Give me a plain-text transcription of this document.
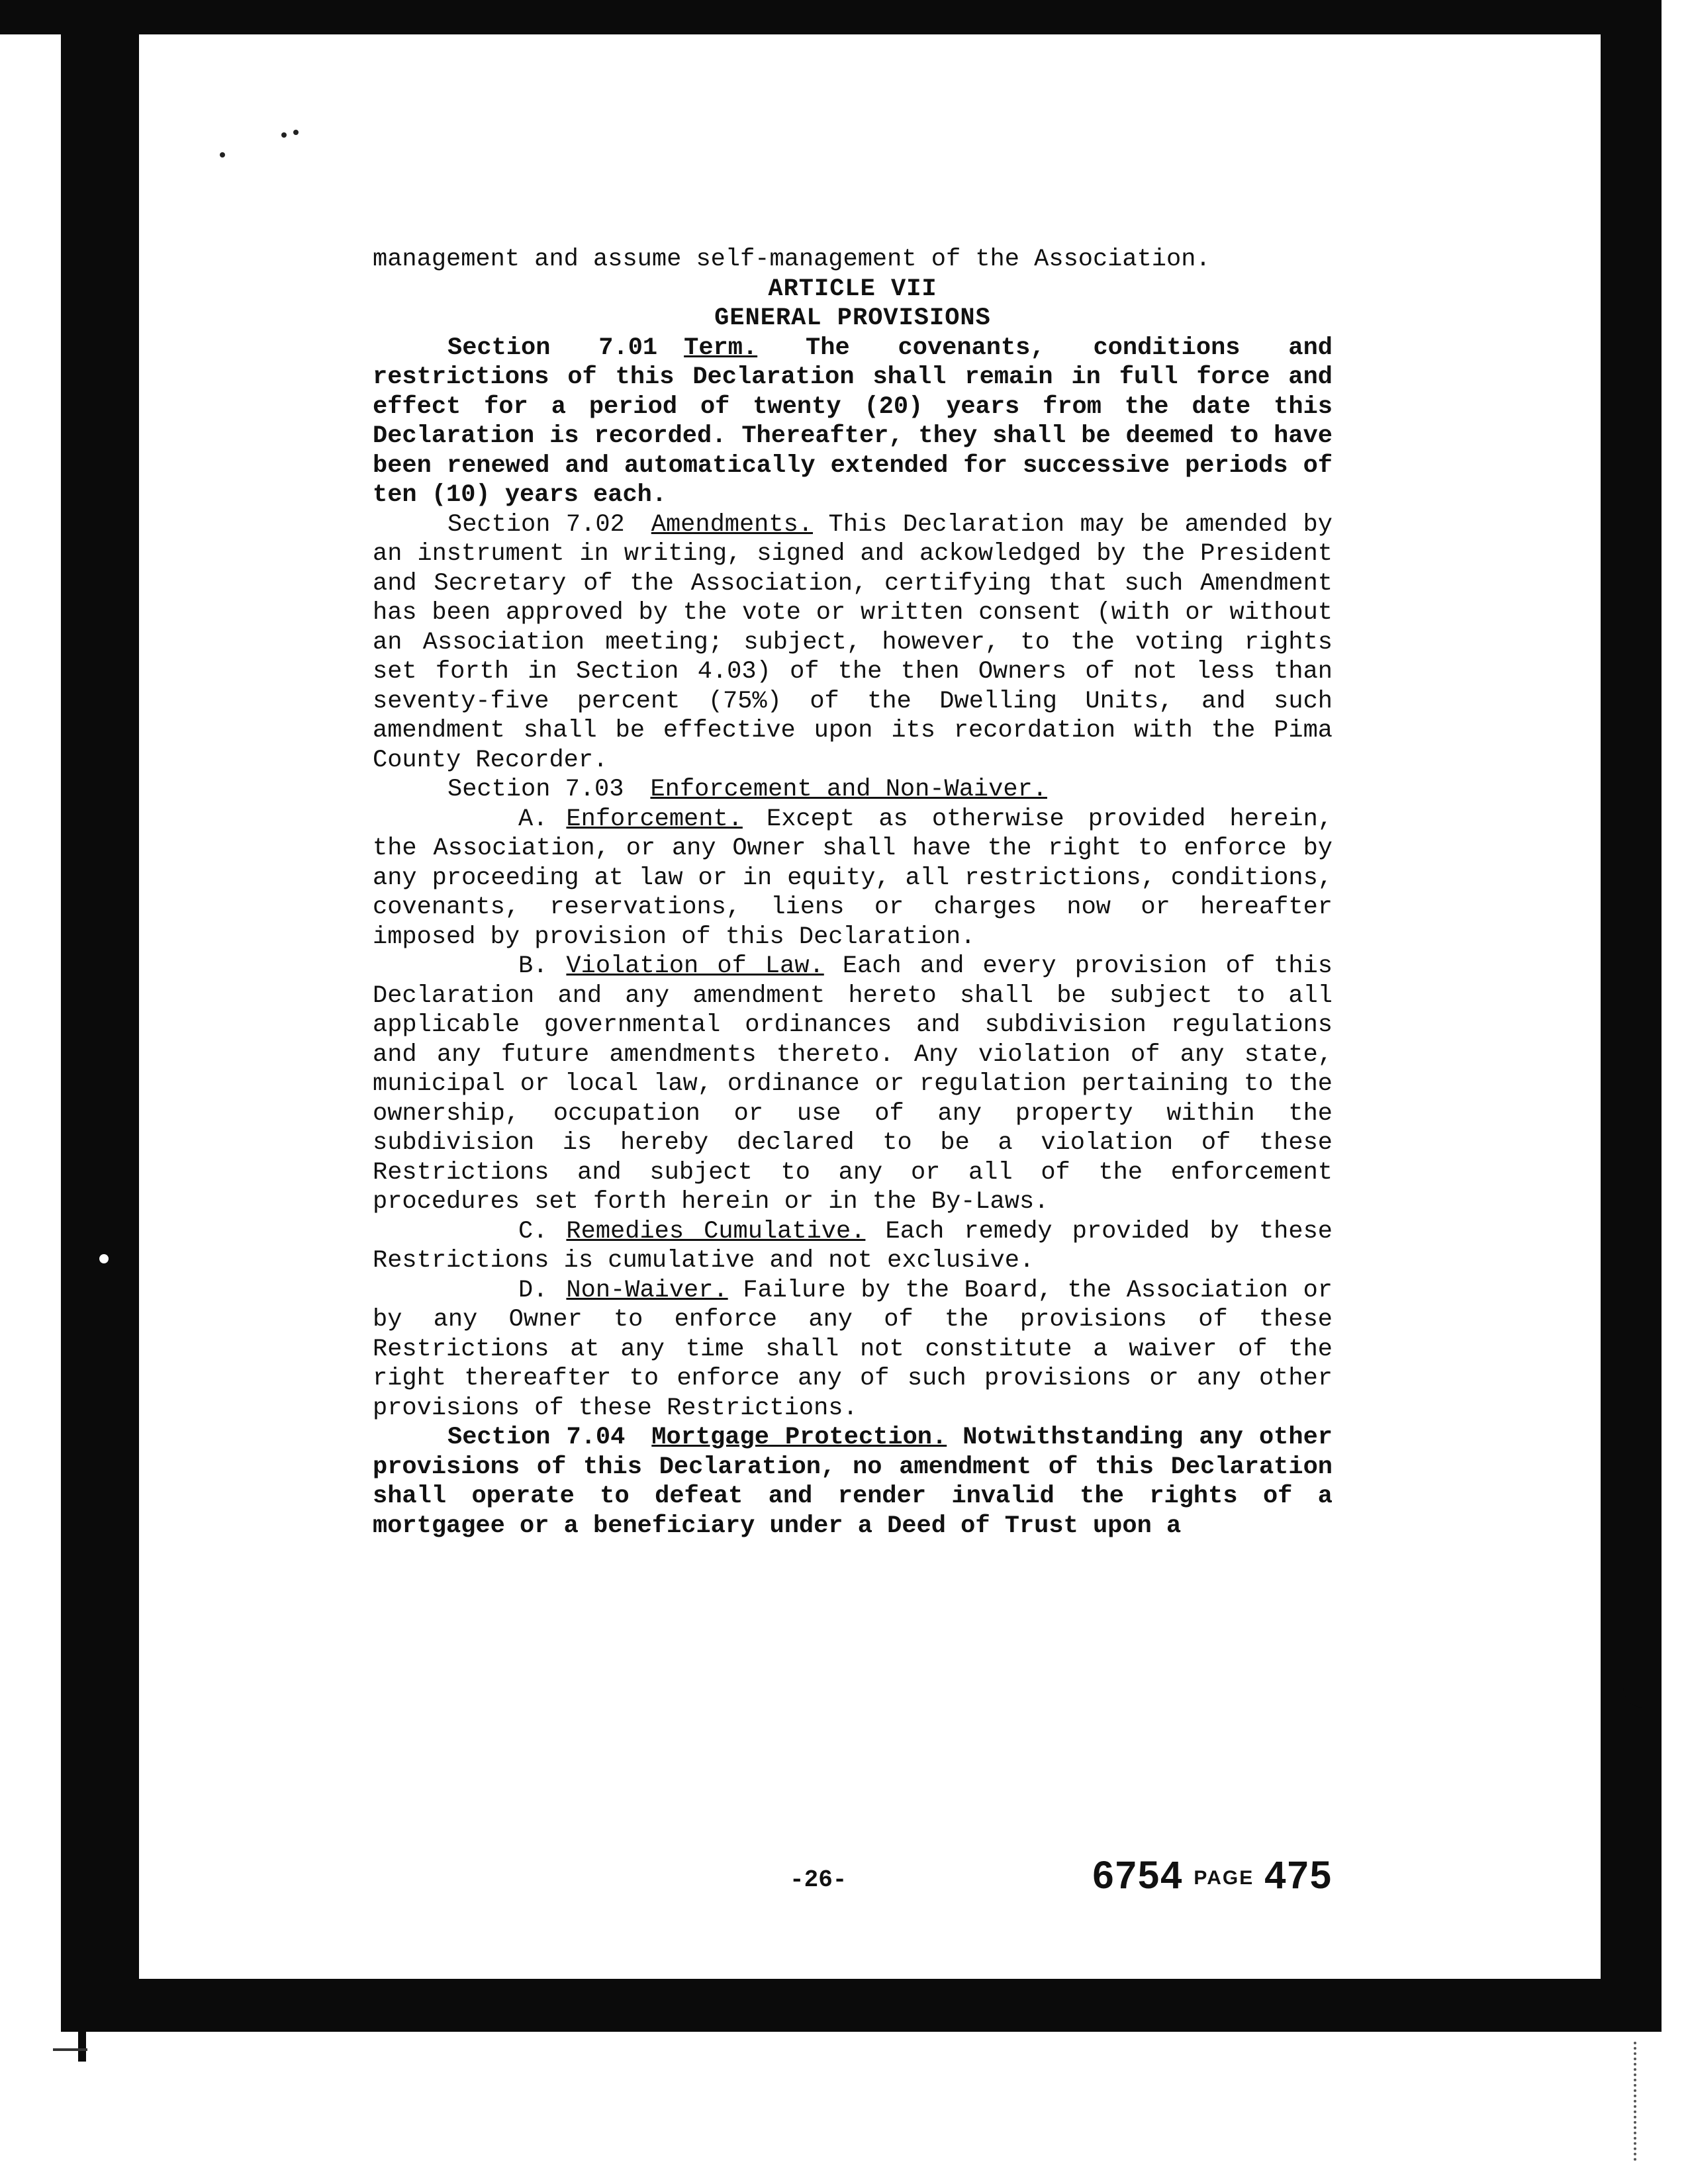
management and assume self-management of the Association.

ARTICLE VII

GENERAL PROVISIONS

Section 7.01 Term. The covenants, conditions and restrictions of this Declaration shall remain in full force and effect for a period of twenty (20) years from the date this Declaration is recorded. Thereafter, they shall be deemed to have been renewed and automatically extended for successive periods of ten (10) years each.

Section 7.02 Amendments. This Declaration may be amended by an instrument in writing, signed and ackowledged by the President and Secretary of the Association, certifying that such Amendment has been approved by the vote or written consent (with or without an Association meeting; subject, however, to the voting rights set forth in Section 4.03) of the then Owners of not less than seventy-five percent (75%) of the Dwelling Units, and such amendment shall be effective upon its recordation with the Pima County Recorder.

Section 7.03 Enforcement and Non-Waiver.

A. Enforcement. Except as otherwise provided herein, the Association, or any Owner shall have the right to enforce by any proceeding at law or in equity, all restrictions, conditions, covenants, reservations, liens or charges now or hereafter imposed by provision of this Declaration.

B. Violation of Law. Each and every provision of this Declaration and any amendment hereto shall be subject to all applicable governmental ordinances and subdivision regulations and any future amendments thereto. Any violation of any state, municipal or local law, ordinance or regulation pertaining to the ownership, occupation or use of any property within the subdivision is hereby declared to be a violation of these Restrictions and subject to any or all of the enforcement procedures set forth herein or in the By-Laws.

C. Remedies Cumulative. Each remedy provided by these Restrictions is cumulative and not exclusive.

D. Non-Waiver. Failure by the Board, the Association or by any Owner to enforce any of the provisions of these Restrictions at any time shall not constitute a waiver of the right thereafter to enforce any of such provisions or any other provisions of these Restrictions.

Section 7.04 Mortgage Protection. Notwithstanding any other provisions of this Declaration, no amendment of this Declaration shall operate to defeat and render invalid the rights of a mortgagee or a beneficiary under a Deed of Trust upon a

-26-	6754 PAGE 475
